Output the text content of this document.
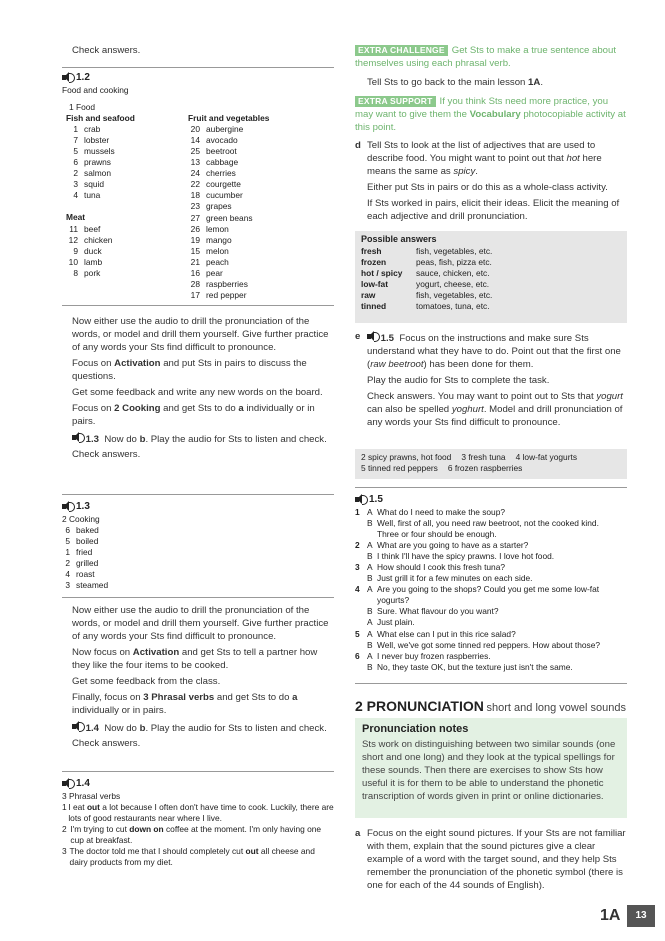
Check answers.

1.2
Food and cooking
1 Food
Fish and seafood
1 crab
7 lobster
5 mussels
6 prawns
2 salmon
3 squid
4 tuna
Meat
11 beef
12 chicken
9 duck
10 lamb
8 pork
Fruit and vegetables
20 aubergine
14 avocado
25 beetroot
13 cabbage
24 cherries
22 courgette
18 cucumber
23 grapes
27 green beans
26 lemon
19 mango
15 melon
21 peach
16 pear
28 raspberries
17 red pepper

Now either use the audio to drill the pronunciation of the words, or model and drill them yourself. Give further practice of any words your Sts find difficult to pronounce.

Focus on Activation and put Sts in pairs to discuss the questions.

Get some feedback and write any new words on the board.

Focus on 2 Cooking and get Sts to do a individually or in pairs.

1.3 Now do b. Play the audio for Sts to listen and check.

Check answers.

1.3
2 Cooking
6 baked
5 boiled
1 fried
2 grilled
4 roast
3 steamed

Now either use the audio to drill the pronunciation of the words, or model and drill them yourself. Give further practice of any words your Sts find difficult to pronounce.

Now focus on Activation and get Sts to tell a partner how they like the four items to be cooked.

Get some feedback from the class.

Finally, focus on 3 Phrasal verbs and get Sts to do a individually or in pairs.

1.4 Now do b. Play the audio for Sts to listen and check.

Check answers.

1.4
3 Phrasal verbs
1 I eat out a lot because I often don't have time to cook. Luckily, there are lots of good restaurants near where I live.
2 I'm trying to cut down on coffee at the moment. I'm only having one cup at breakfast.
3 The doctor told me that I should completely cut out all cheese and dairy products from my diet.

EXTRA CHALLENGE Get Sts to make a true sentence about themselves using each phrasal verb.

Tell Sts to go back to the main lesson 1A.

EXTRA SUPPORT If you think Sts need more practice, you may want to give them the Vocabulary photocopiable activity at this point.

d Tell Sts to look at the list of adjectives that are used to describe food. You might want to point out that hot here means the same as spicy.

Either put Sts in pairs or do this as a whole-class activity.

If Sts worked in pairs, elicit their ideas. Elicit the meaning of each adjective and drill pronunciation.

Possible answers
fresh	fish, vegetables, etc.
frozen	peas, fish, pizza etc.
hot / spicy	sauce, chicken, etc.
low-fat	yogurt, cheese, etc.
raw	fish, vegetables, etc.
tinned	tomatoes, tuna, etc.
e	1.5 Focus on the instructions and make sure Sts understand what they have to do. Point out that the first one (raw beetroot) has been done for them.

Play the audio for Sts to complete the task.

Check answers. You may want to point out to Sts that yogurt can also be spelled yoghurt. Model and drill pronunciation of any words your Sts find difficult to pronounce.

2 spicy prawns, hot food 3 fresh tuna 4 low-fat yogurts
5 tinned red peppers 6 frozen raspberries
1.5
1 A What do I need to make the soup?
B Well, first of all, you need raw beetroot, not the cooked kind.
Three or four should be enough.
2 A What are you going to have as a starter?
B I think I'll have the spicy prawns. I love hot food.
3 A How should I cook this fresh tuna?
B Just grill it for a few minutes on each side.
4 A Are you going to the shops? Could you get me some low-fat
yogurts?
B Sure. What flavour do you want?
A Just plain.
5 A What else can I put in this rice salad?
B Well, we've got some tinned red peppers. How about those?
6 A I never buy frozen raspberries.
B No, they taste OK, but the texture just isn't the same.
2 PRONUNCIATION short and long vowel sounds
Pronunciation notes
Sts work on distinguishing between two similar sounds (one short and one long) and they look at the typical spellings for these sounds. Then there are exercises to show Sts how useful it is for them to be able to understand the phonetic transcription of words given in print or online dictionaries.
a Focus on the eight sound pictures. If your Sts are not familiar with them, explain that the sound pictures give a clear example of a word with the target sound, and they help Sts remember the pronunciation of the phonetic symbol (there is one for each of the 44 sounds of English).

1A	13
